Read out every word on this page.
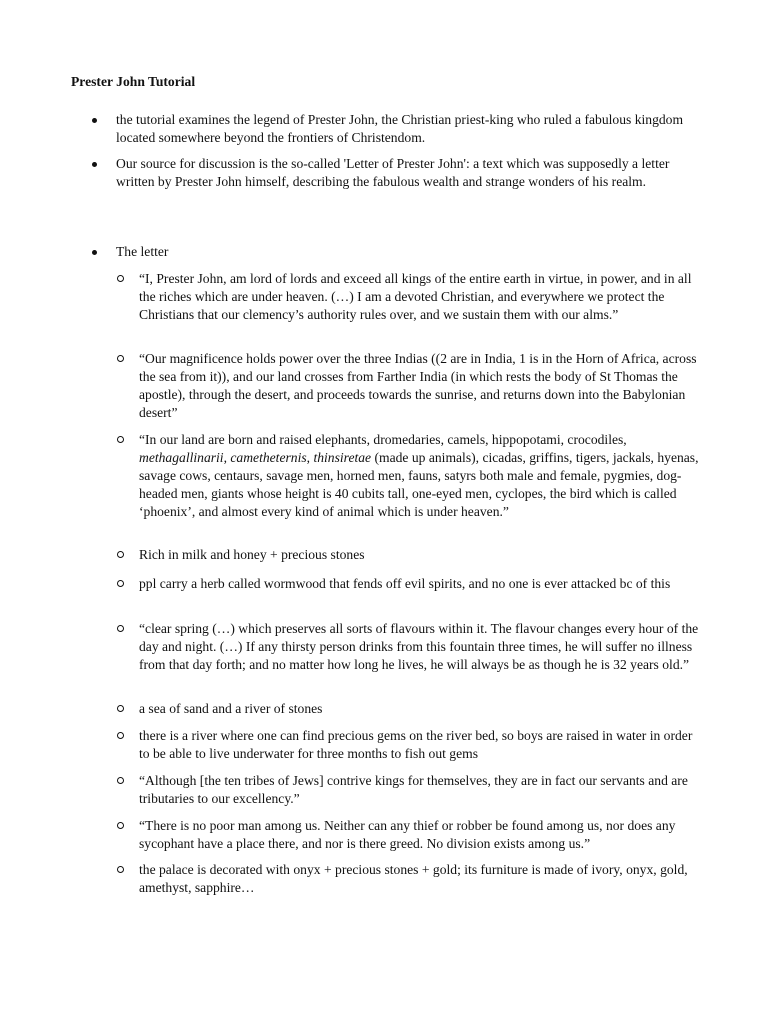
Prester John Tutorial
the tutorial examines the legend of Prester John, the Christian priest-king who ruled a fabulous kingdom located somewhere beyond the frontiers of Christendom.
Our source for discussion is the so-called 'Letter of Prester John': a text which was supposedly a letter written by Prester John himself, describing the fabulous wealth and strange wonders of his realm.
The letter
“I, Prester John, am lord of lords and exceed all kings of the entire earth in virtue, in power, and in all the riches which are under heaven. (…) I am a devoted Christian, and everywhere we protect the Christians that our clemency’s authority rules over, and we sustain them with our alms.”
“Our magnificence holds power over the three Indias ((2 are in India, 1 is in the Horn of Africa, across the sea from it)), and our land crosses from Farther India (in which rests the body of St Thomas the apostle), through the desert, and proceeds towards the sunrise, and returns down into the Babylonian desert”
“In our land are born and raised elephants, dromedaries, camels, hippopotami, crocodiles,
methagallinarii, cametheternis, thinsiretae (made up animals), cicadas, griffins, tigers, jackals, hyenas, savage cows, centaurs, savage men, horned men, fauns, satyrs both male and female, pygmies, dog-headed men, giants whose height is 40 cubits tall, one-eyed men, cyclopes, the bird which is called ‘phoenix’, and almost every kind of animal which is under heaven.”
Rich in milk and honey + precious stones
ppl carry a herb called wormwood that fends off evil spirits, and no one is ever attacked bc of this
“clear spring (…) which preserves all sorts of flavours within it. The flavour changes every hour of the day and night. (…) If any thirsty person drinks from this fountain three times, he will suffer no illness from that day forth; and no matter how long he lives, he will always be as though he is 32 years old.”
a sea of sand and a river of stones
there is a river where one can find precious gems on the river bed, so boys are raised in water in order to be able to live underwater for three months to fish out gems
“Although [the ten tribes of Jews] contrive kings for themselves, they are in fact our servants and are tributaries to our excellency.”
“There is no poor man among us. Neither can any thief or robber be found among us, nor does any sycophant have a place there, and nor is there greed. No division exists among us.”
the palace is decorated with onyx + precious stones + gold; its furniture is made of ivory, onyx, gold, amethyst, sapphire…
